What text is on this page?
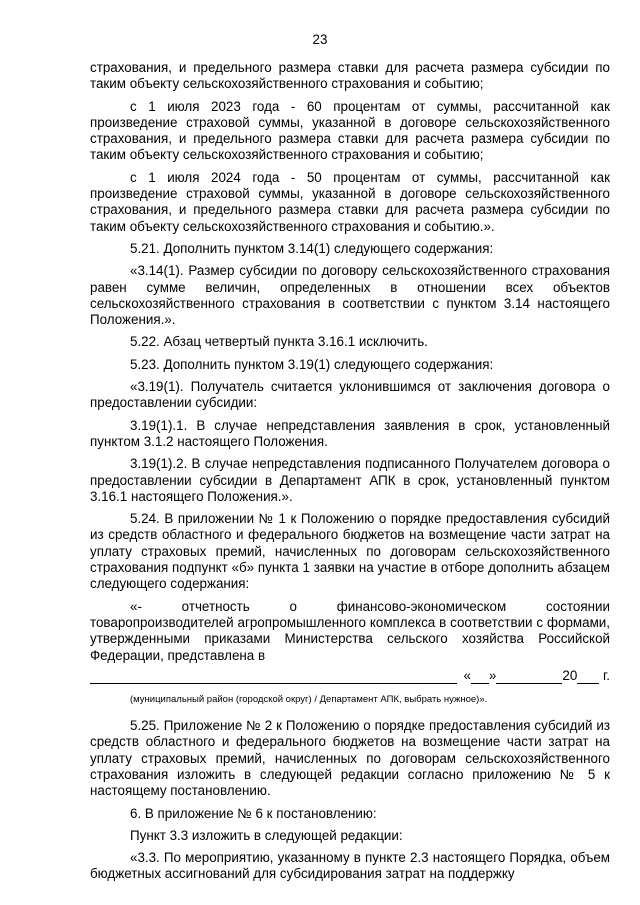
23

страхования, и предельного размера ставки для расчета размера субсидии по таким объекту сельскохозяйственного страхования и событию;

с 1 июля 2023 года - 60 процентам от суммы, рассчитанной как произведение страховой суммы, указанной в договоре сельскохозяйственного страхования, и предельного размера ставки для расчета размера субсидии по таким объекту сельскохозяйственного страхования и событию;

с 1 июля 2024 года - 50 процентам от суммы, рассчитанной как произведение страховой суммы, указанной в договоре сельскохозяйственного страхования, и предельного размера ставки для расчета размера субсидии по таким объекту сельскохозяйственного страхования и событию.».

5.21. Дополнить пунктом 3.14(1) следующего содержания:

«3.14(1). Размер субсидии по договору сельскохозяйственного страхования равен сумме величин, определенных в отношении всех объектов сельскохозяйственного страхования в соответствии с пунктом 3.14 настоящего Положения.».

5.22. Абзац четвертый пункта 3.16.1 исключить.

5.23. Дополнить пунктом 3.19(1) следующего содержания:

«3.19(1). Получатель считается уклонившимся от заключения договора о предоставлении субсидии:

3.19(1).1. В случае непредставления заявления в срок, установленный пунктом 3.1.2 настоящего Положения.

3.19(1).2. В случае непредставления подписанного Получателем договора о предоставлении субсидии в Департамент АПК в срок, установленный пунктом 3.16.1 настоящего Положения.».

5.24. В приложении № 1 к Положению о порядке предоставления субсидий из средств областного и федерального бюджетов на возмещение части затрат на уплату страховых премий, начисленных по договорам сельскохозяйственного страхования подпункт «б» пункта 1 заявки на участие в отборе дополнить абзацем следующего содержания:

«- отчетность о финансово-экономическом состоянии товаропроизводителей агропромышленного комплекса в соответствии с формами, утвержденными приказами Министерства сельского хозяйства Российской Федерации, представлена в

« »	20
г.

(муниципальный район (городской округ) / Департамент АПК, выбрать нужное)».

5.25. Приложение № 2 к Положению о порядке предоставления субсидий из средств областного и федерального бюджетов на возмещение части затрат на уплату страховых премий, начисленных по договорам сельскохозяйственного страхования изложить в следующей редакции согласно приложению № 5 к настоящему постановлению.

6. В приложение № 6 к постановлению:

Пункт 3.3 изложить в следующей редакции:

«3.3. По мероприятию, указанному в пункте 2.3 настоящего Порядка, объем бюджетных ассигнований для субсидирования затрат на поддержку
